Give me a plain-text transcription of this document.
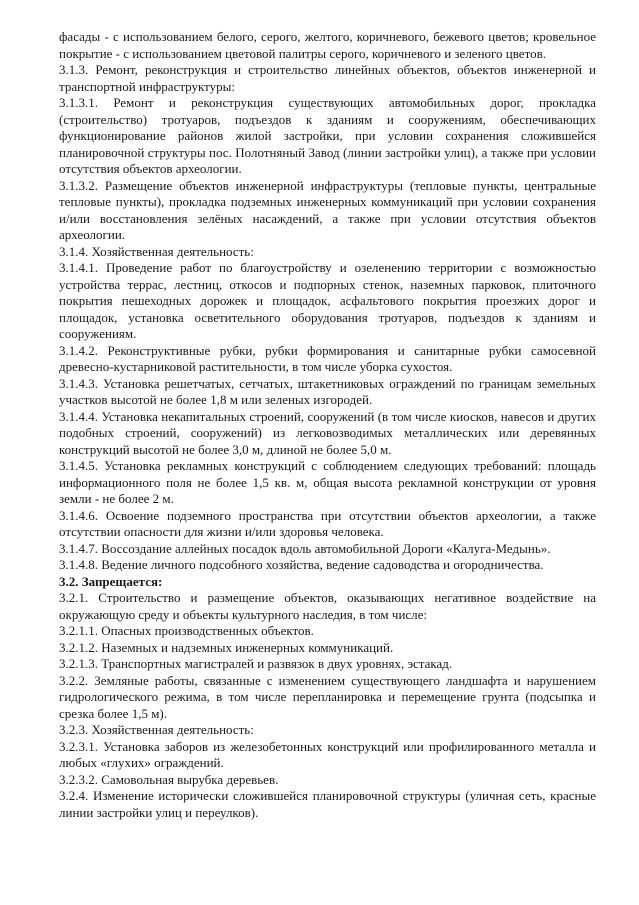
фасады - с использованием белого, серого, желтого, коричневого, бежевого цветов; кровельное покрытие - с использованием цветовой палитры серого, коричневого и зеленого цветов.

3.1.3. Ремонт, реконструкция и строительство линейных объектов, объектов инженерной и транспортной инфраструктуры:

3.1.3.1. Ремонт и реконструкция существующих автомобильных дорог, прокладка (строительство) тротуаров, подъездов к зданиям и сооружениям, обеспечивающих функционирование районов жилой застройки, при условии сохранения сложившейся планировочной структуры пос. Полотняный Завод (линии застройки улиц), а также при условии отсутствия объектов археологии.

3.1.3.2. Размещение объектов инженерной инфраструктуры (тепловые пункты, центральные тепловые пункты), прокладка подземных инженерных коммуникаций при условии сохранения и/или восстановления зелёных насаждений, а также при условии отсутствия объектов археологии.

3.1.4. Хозяйственная деятельность:

3.1.4.1. Проведение работ по благоустройству и озеленению территории с возможностью устройства террас, лестниц, откосов и подпорных стенок, наземных парковок, плиточного покрытия пешеходных дорожек и площадок, асфальтового покрытия проезжих дорог и площадок, установка осветительного оборудования тротуаров, подъездов к зданиям и сооружениям.

3.1.4.2. Реконструктивные рубки, рубки формирования и санитарные рубки самосевной древесно-кустарниковой растительности, в том числе уборка сухостоя.

3.1.4.3. Установка решетчатых, сетчатых, штакетниковых ограждений по границам земельных участков высотой не более 1,8 м или зеленых изгородей.

3.1.4.4. Установка некапитальных строений, сооружений (в том числе киосков, навесов и других подобных строений, сооружений) из легковозводимых металлических или деревянных конструкций высотой не более 3,0 м, длиной не более 5,0 м.

3.1.4.5. Установка рекламных конструкций с соблюдением следующих требований: площадь информационного поля не более 1,5 кв. м, общая высота рекламной конструкции от уровня земли - не более 2 м.

3.1.4.6. Освоение подземного пространства при отсутствии объектов археологии, а также отсутствии опасности для жизни и/или здоровья человека.

3.1.4.7. Воссоздание аллейных посадок вдоль автомобильной Дороги «Калуга-Медынь».

3.1.4.8. Ведение личного подсобного хозяйства, ведение садоводства и огородничества.

3.2. Запрещается:

3.2.1. Строительство и размещение объектов, оказывающих негативное воздействие на окружающую среду и объекты культурного наследия, в том числе:

3.2.1.1. Опасных производственных объектов.

3.2.1.2. Наземных и надземных инженерных коммуникаций.

3.2.1.3. Транспортных магистралей и развязок в двух уровнях, эстакад.

3.2.2. Земляные работы, связанные с изменением существующего ландшафта и нарушением гидрологического режима, в том числе перепланировка и перемещение грунта (подсыпка и срезка более 1,5 м).

3.2.3. Хозяйственная деятельность:

3.2.3.1. Установка заборов из железобетонных конструкций или профилированного металла и любых «глухих» ограждений.

3.2.3.2. Самовольная вырубка деревьев.

3.2.4. Изменение исторически сложившейся планировочной структуры (уличная сеть, красные линии застройки улиц и переулков).
